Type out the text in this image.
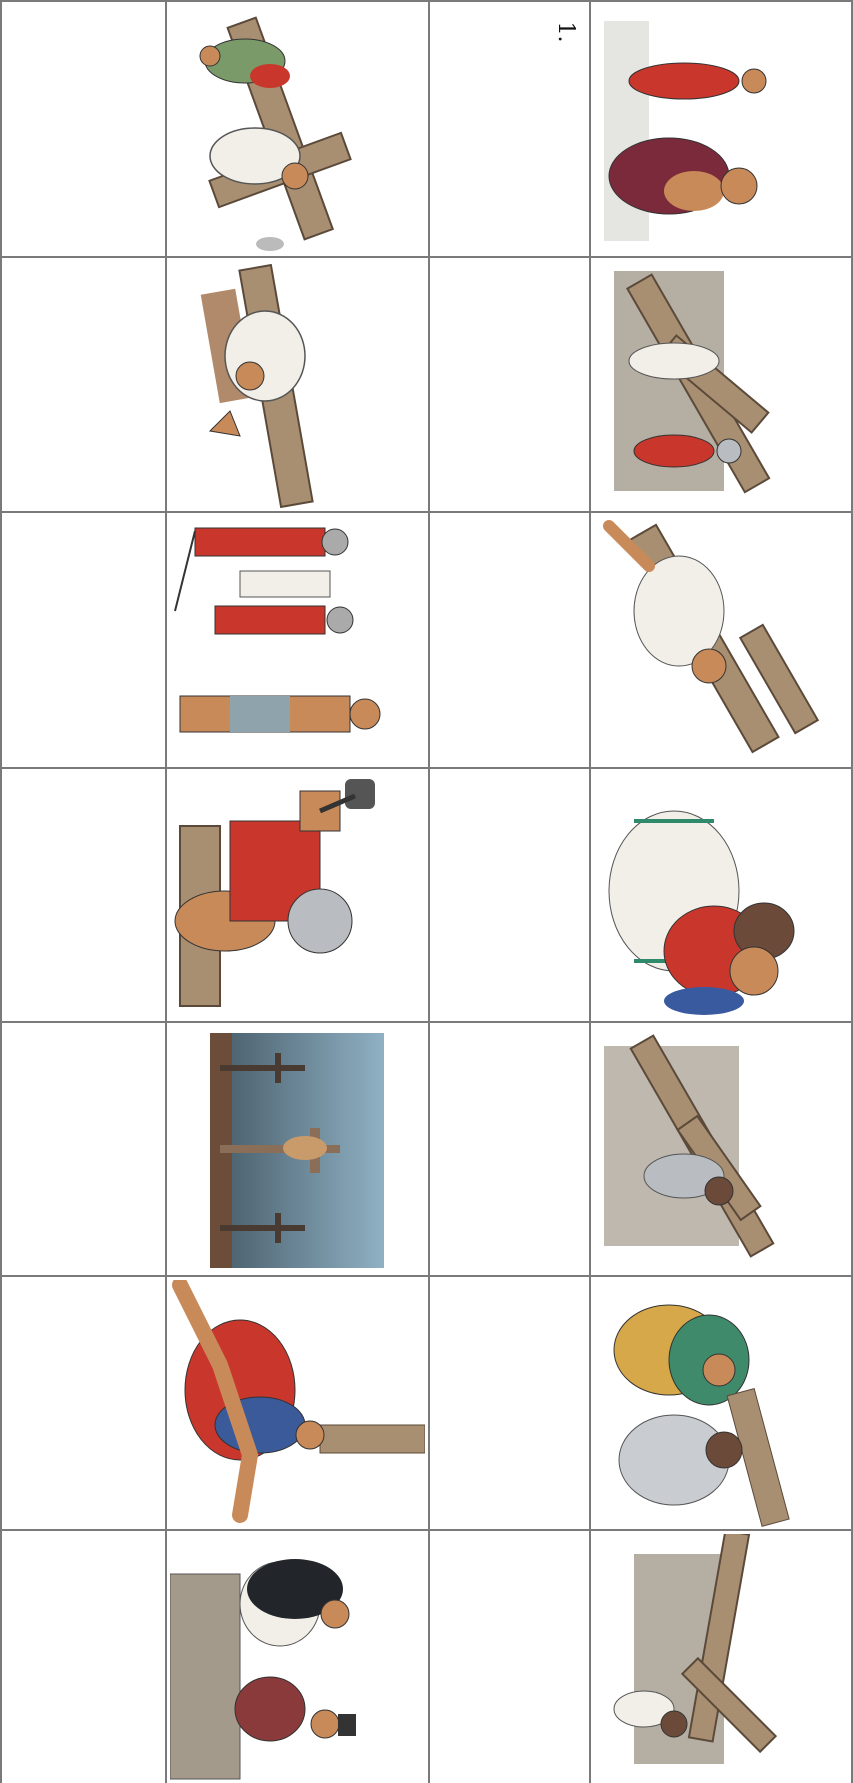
1.
